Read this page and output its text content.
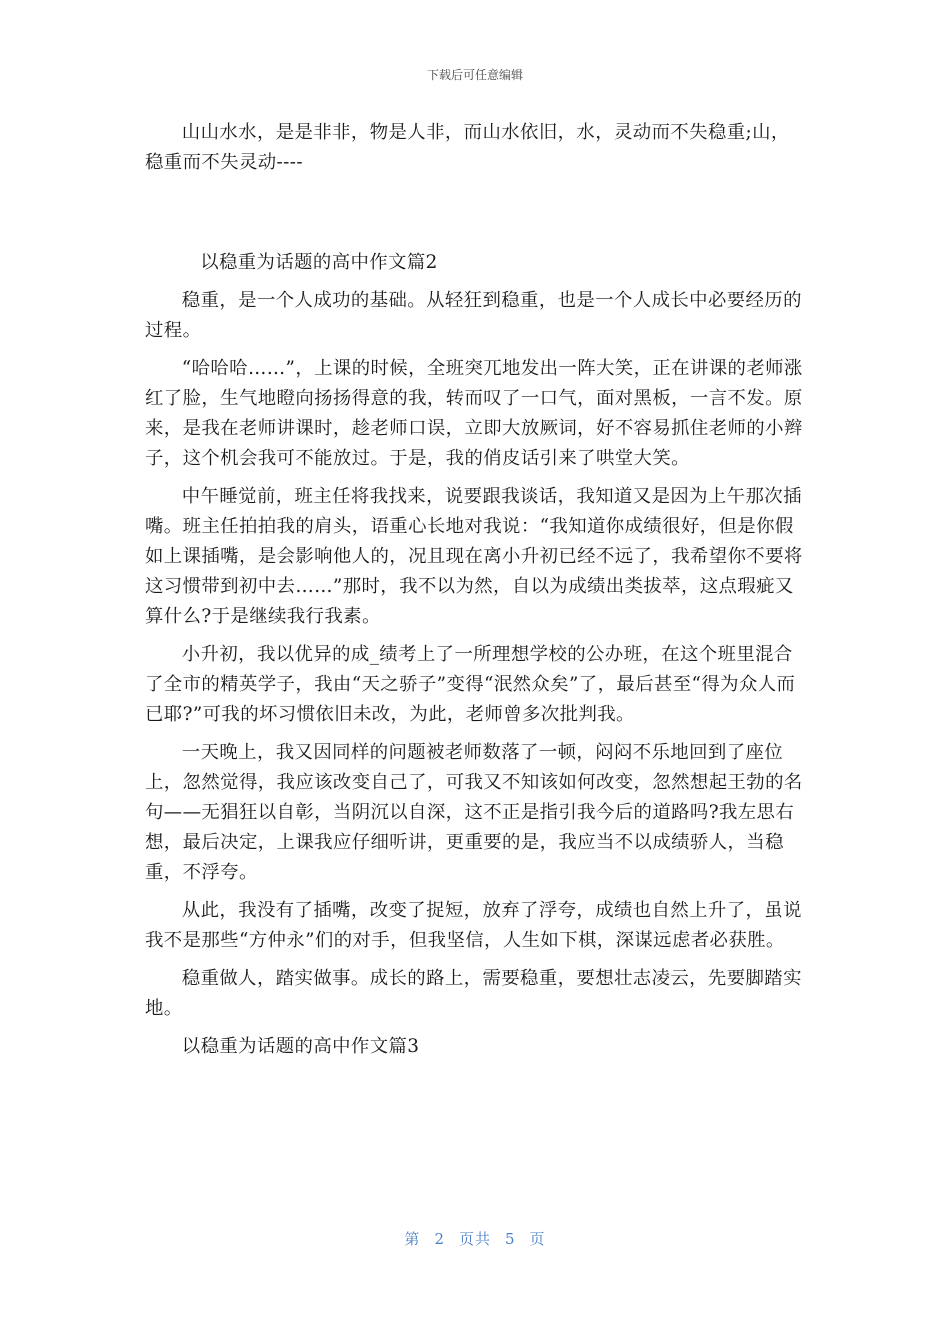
下载后可任意编辑

山山水水，是是非非，物是人非，而山水依旧，水，灵动而不失稳重;山，稳重而不失灵动----

以稳重为话题的高中作文篇2

稳重，是一个人成功的基础。从轻狂到稳重，也是一个人成长中必要经历的过程。

“哈哈哈……”，上课的时候，全班突兀地发出一阵大笑，正在讲课的老师涨红了脸，生气地瞪向扬扬得意的我，转而叹了一口气，面对黑板，一言不发。原来，是我在老师讲课时，趁老师口误，立即大放厥词，好不容易抓住老师的小辫子，这个机会我可不能放过。于是，我的俏皮话引来了哄堂大笑。

中午睡觉前，班主任将我找来，说要跟我谈话，我知道又是因为上午那次插嘴。班主任拍拍我的肩头，语重心长地对我说：“我知道你成绩很好，但是你假如上课插嘴，是会影响他人的，况且现在离小升初已经不远了，我希望你不要将这习惯带到初中去……”那时，我不以为然，自以为成绩出类拔萃，这点瑕疵又算什么?于是继续我行我素。

小升初，我以优异的成_绩考上了一所理想学校的公办班，在这个班里混合了全市的精英学子，我由“天之骄子”变得“泯然众矣”了，最后甚至“得为众人而已耶?”可我的坏习惯依旧未改，为此，老师曾多次批判我。

一天晚上，我又因同样的问题被老师数落了一顿，闷闷不乐地回到了座位上，忽然觉得，我应该改变自己了，可我又不知该如何改变，忽然想起王勃的名句——无猖狂以自彰，当阴沉以自深，这不正是指引我今后的道路吗?我左思右想，最后决定，上课我应仔细听讲，更重要的是，我应当不以成绩骄人，当稳重，不浮夸。

从此，我没有了插嘴，改变了捉短，放弃了浮夸，成绩也自然上升了，虽说我不是那些“方仲永”们的对手，但我坚信，人生如下棋，深谋远虑者必获胜。

稳重做人，踏实做事。成长的路上，需要稳重，要想壮志凌云，先要脚踏实地。

以稳重为话题的高中作文篇3

第 2 页共 5 页
